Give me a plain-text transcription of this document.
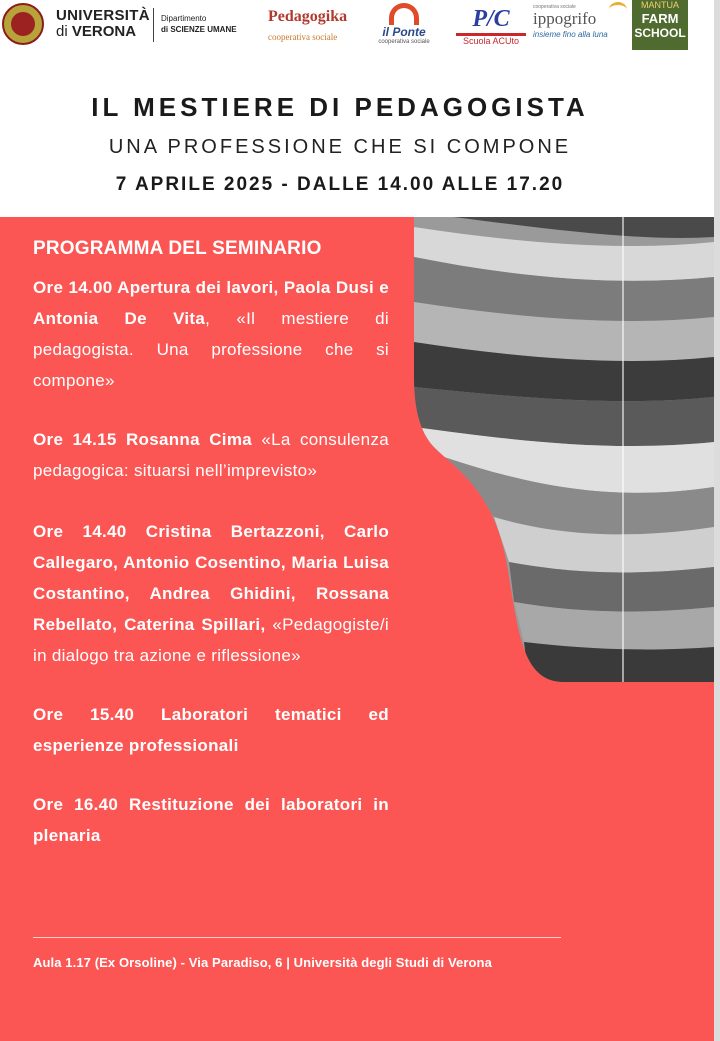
UNIVERSITÀ
di VERONA
Dipartimento
di SCIENZE UMANE
Pedagogika
cooperativa sociale	il Ponte
cooperativa sociale
P/C
Scuola ACUto
cooperativa sociale
ippogrifo
insieme fino alla luna
MANTUA
FARM
SCHOOL
IL MESTIERE DI PEDAGOGISTA
UNA PROFESSIONE CHE SI COMPONE
7 APRILE 2025 - DALLE 14.00 ALLE 17.20
PROGRAMMA DEL SEMINARIO

Ore 14.00 Apertura dei lavori, Paola Dusi e Antonia De Vita, «Il mestiere di pedagogista. Una professione che si compone»

Ore 14.15 Rosanna Cima «La consulenza pedagogica: situarsi nell’imprevisto»

Ore 14.40 Cristina Bertazzoni, Carlo Callegaro, Antonio Cosentino, Maria Luisa Costantino, Andrea Ghidini, Rossana Rebellato, Caterina Spillari, «Pedagogiste/i in dialogo tra azione e riflessione»

Ore 15.40 Laboratori tematici ed esperienze professionali

Ore 16.40 Restituzione dei laboratori in plenaria

Aula 1.17 (Ex Orsoline) - Via Paradiso, 6 | Università degli Studi di Verona
